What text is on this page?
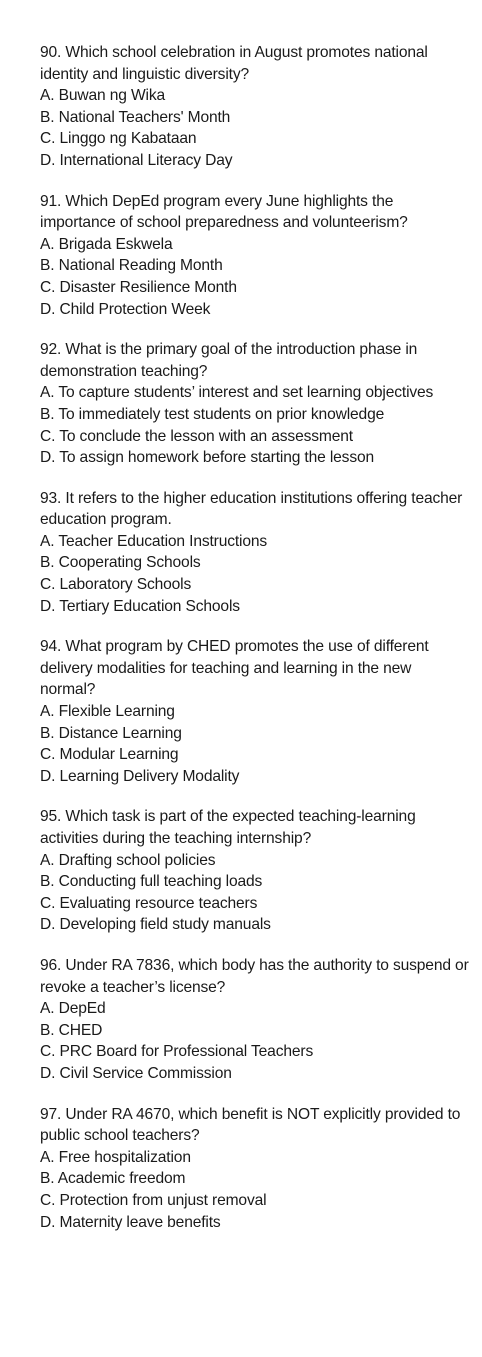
90. Which school celebration in August promotes national identity and linguistic diversity?
A. Buwan ng Wika
B. National Teachers' Month
C. Linggo ng Kabataan
D. International Literacy Day
91. Which DepEd program every June highlights the importance of school preparedness and volunteerism?
A. Brigada Eskwela
B. National Reading Month
C. Disaster Resilience Month
D. Child Protection Week
92. What is the primary goal of the introduction phase in demonstration teaching?
A. To capture students’ interest and set learning objectives
B. To immediately test students on prior knowledge
C. To conclude the lesson with an assessment
D. To assign homework before starting the lesson
93. It refers to the higher education institutions offering teacher education program.
A. Teacher Education Instructions
B. Cooperating Schools
C. Laboratory Schools
D. Tertiary Education Schools
94. What program by CHED promotes the use of different delivery modalities for teaching and learning in the new normal?
A. Flexible Learning
B. Distance Learning
C. Modular Learning
D. Learning Delivery Modality
95. Which task is part of the expected teaching-learning activities during the teaching internship?
A. Drafting school policies
B. Conducting full teaching loads
C. Evaluating resource teachers
D. Developing field study manuals
96. Under RA 7836, which body has the authority to suspend or revoke a teacher’s license?
A. DepEd
B. CHED
C. PRC Board for Professional Teachers
D. Civil Service Commission
97. Under RA 4670, which benefit is NOT explicitly provided to public school teachers?
A. Free hospitalization
B. Academic freedom
C. Protection from unjust removal
D. Maternity leave benefits
